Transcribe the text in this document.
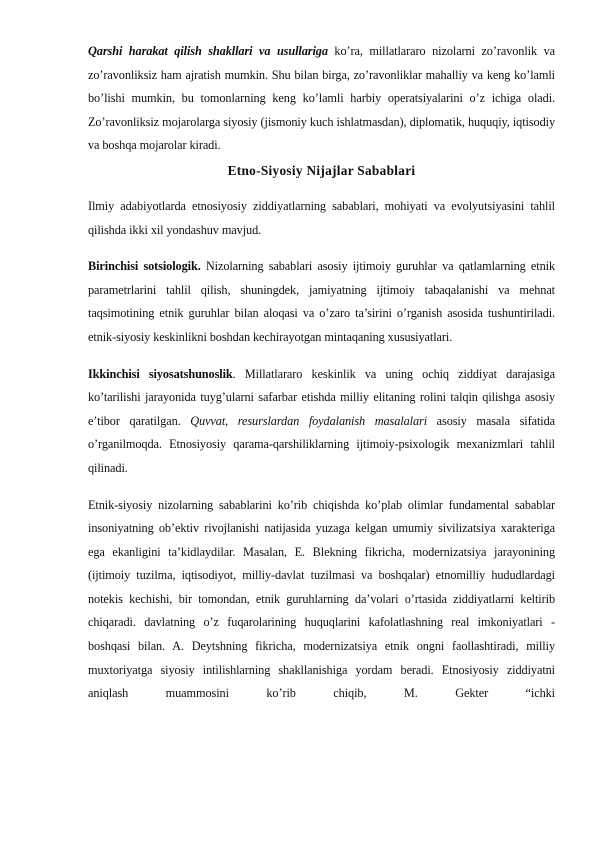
Qarshi harakat qilish shakllari va usullariga ko’ra, millatlararo nizolarni zo’ravonlik va zo’ravonliksiz ham ajratish mumkin. Shu bilan birga, zo’ravonliklar mahalliy va keng ko’lamli bo’lishi mumkin, bu tomonlarning keng ko’lamli harbiy operatsiyalarini o’z ichiga oladi. Zo’ravonliksiz mojarolarga siyosiy (jismoniy kuch ishlatmasdan), diplomatik, huquqiy, iqtisodiy va boshqa mojarolar kiradi.

Etno-Siyosiy Nijajlar Sabablari

Ilmiy adabiyotlarda etnosiyosiy ziddiyatlarning sabablari, mohiyati va evolyutsiyasini tahlil qilishda ikki xil yondashuv mavjud.

Birinchisi sotsiologik. Nizolarning sabablari asosiy ijtimoiy guruhlar va qatlamlarning etnik parametrlarini tahlil qilish, shuningdek, jamiyatning ijtimoiy tabaqalanishi va mehnat taqsimotining etnik guruhlar bilan aloqasi va o’zaro ta’sirini o’rganish asosida tushuntiriladi. etnik-siyosiy keskinlikni boshdan kechirayotgan mintaqaning xususiyatlari.

Ikkinchisi siyosatshunoslik. Millatlararo keskinlik va uning ochiq ziddiyat darajasiga ko’tarilishi jarayonida tuyg’ularni safarbar etishda milliy elitaning rolini talqin qilishga asosiy e’tibor qaratilgan. Quvvat, resurslardan foydalanish masalalari asosiy masala sifatida o’rganilmoqda. Etnosiyosiy qarama-qarshiliklarning ijtimoiy-psixologik mexanizmlari tahlil qilinadi.

Etnik-siyosiy nizolarning sabablarini ko’rib chiqishda ko’plab olimlar fundamental sabablar insoniyatning ob’ektiv rivojlanishi natijasida yuzaga kelgan umumiy sivilizatsiya xarakteriga ega ekanligini ta’kidlaydilar. Masalan, E. Blekning fikricha, modernizatsiya jarayonining (ijtimoiy tuzilma, iqtisodiyot, milliy-davlat tuzilmasi va boshqalar) etnomilliy hududlardagi notekis kechishi, bir tomondan, etnik guruhlarning da’volari o’rtasida ziddiyatlarni keltirib chiqaradi. davlatning o’z fuqarolarining huquqlarini kafolatlashning real imkoniyatlari - boshqasi bilan. A. Deytshning fikricha, modernizatsiya etnik ongni faollashtiradi, milliy muxtoriyatga siyosiy intilishlarning shakllanishiga yordam beradi. Etnosiyosiy ziddiyatni aniqlash muammosini ko’rib chiqib, M. Gekter “ichki
